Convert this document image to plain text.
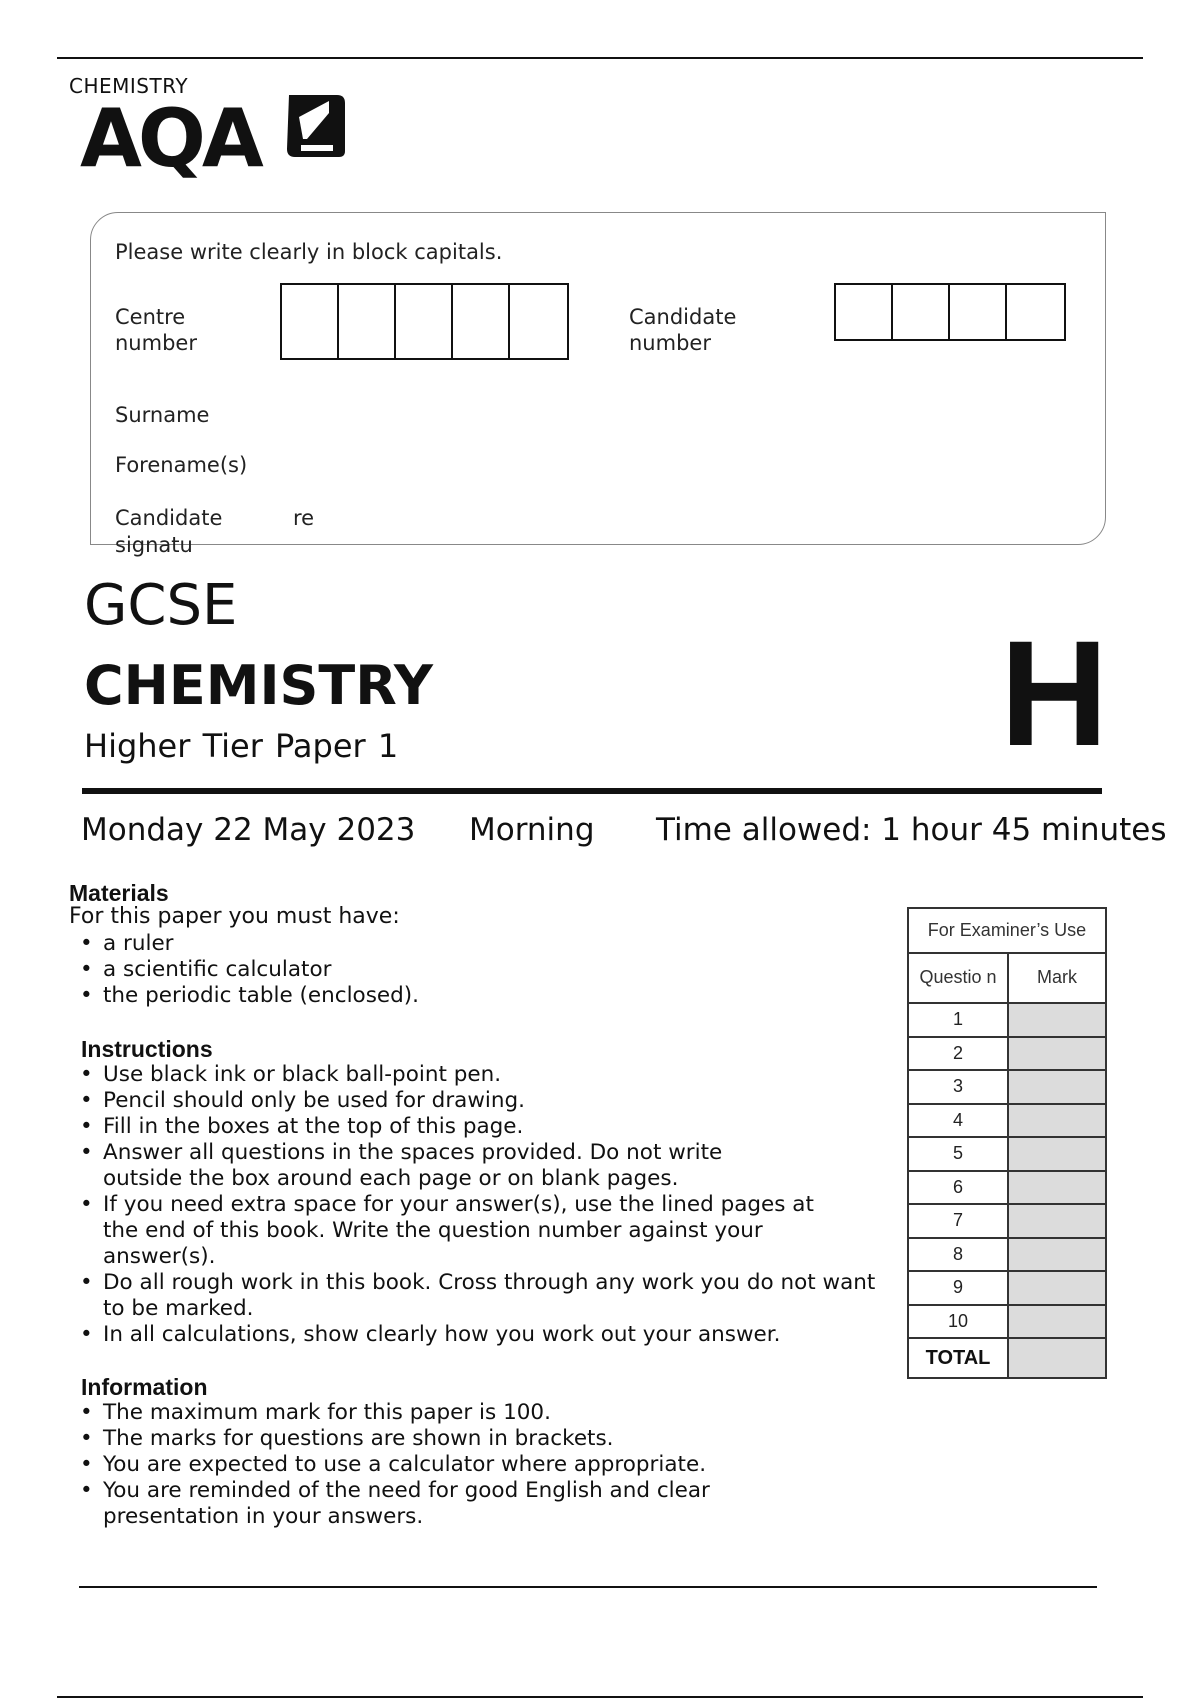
CHEMISTRY
AQA
Please write clearly in block capitals.
Centre number
Candidate number
Surname
Forename(s)
Candidate	re
signatu
GCSE
CHEMISTRY
Higher Tier Paper 1	H
Monday 22 May 2023 Morning Time allowed: 1 hour 45 minutes
Materials
For this paper you must have:
• a ruler
• a scientific calculator
• the periodic table (enclosed).
Instructions
• Use black ink or black ball-point pen.
• Pencil should only be used for drawing.
• Fill in the boxes at the top of this page.
• Answer all questions in the spaces provided. Do not write
outside the box around each page or on blank pages.
• If you need extra space for your answer(s), use the lined pages at
the end of this book. Write the question number against your
answer(s).
• Do all rough work in this book. Cross through any work you do not want
to be marked.
• In all calculations, show clearly how you work out your answer.
Information
• The maximum mark for this paper is 100.
• The marks for questions are shown in brackets.
• You are expected to use a calculator where appropriate.
• You are reminded of the need for good English and clear
presentation in your answers.
For Examiner’s Use	
Questio n	Mark
1	
2	
3	
4	
5	
6	
7	
8	
9	
10	
TOTAL	
